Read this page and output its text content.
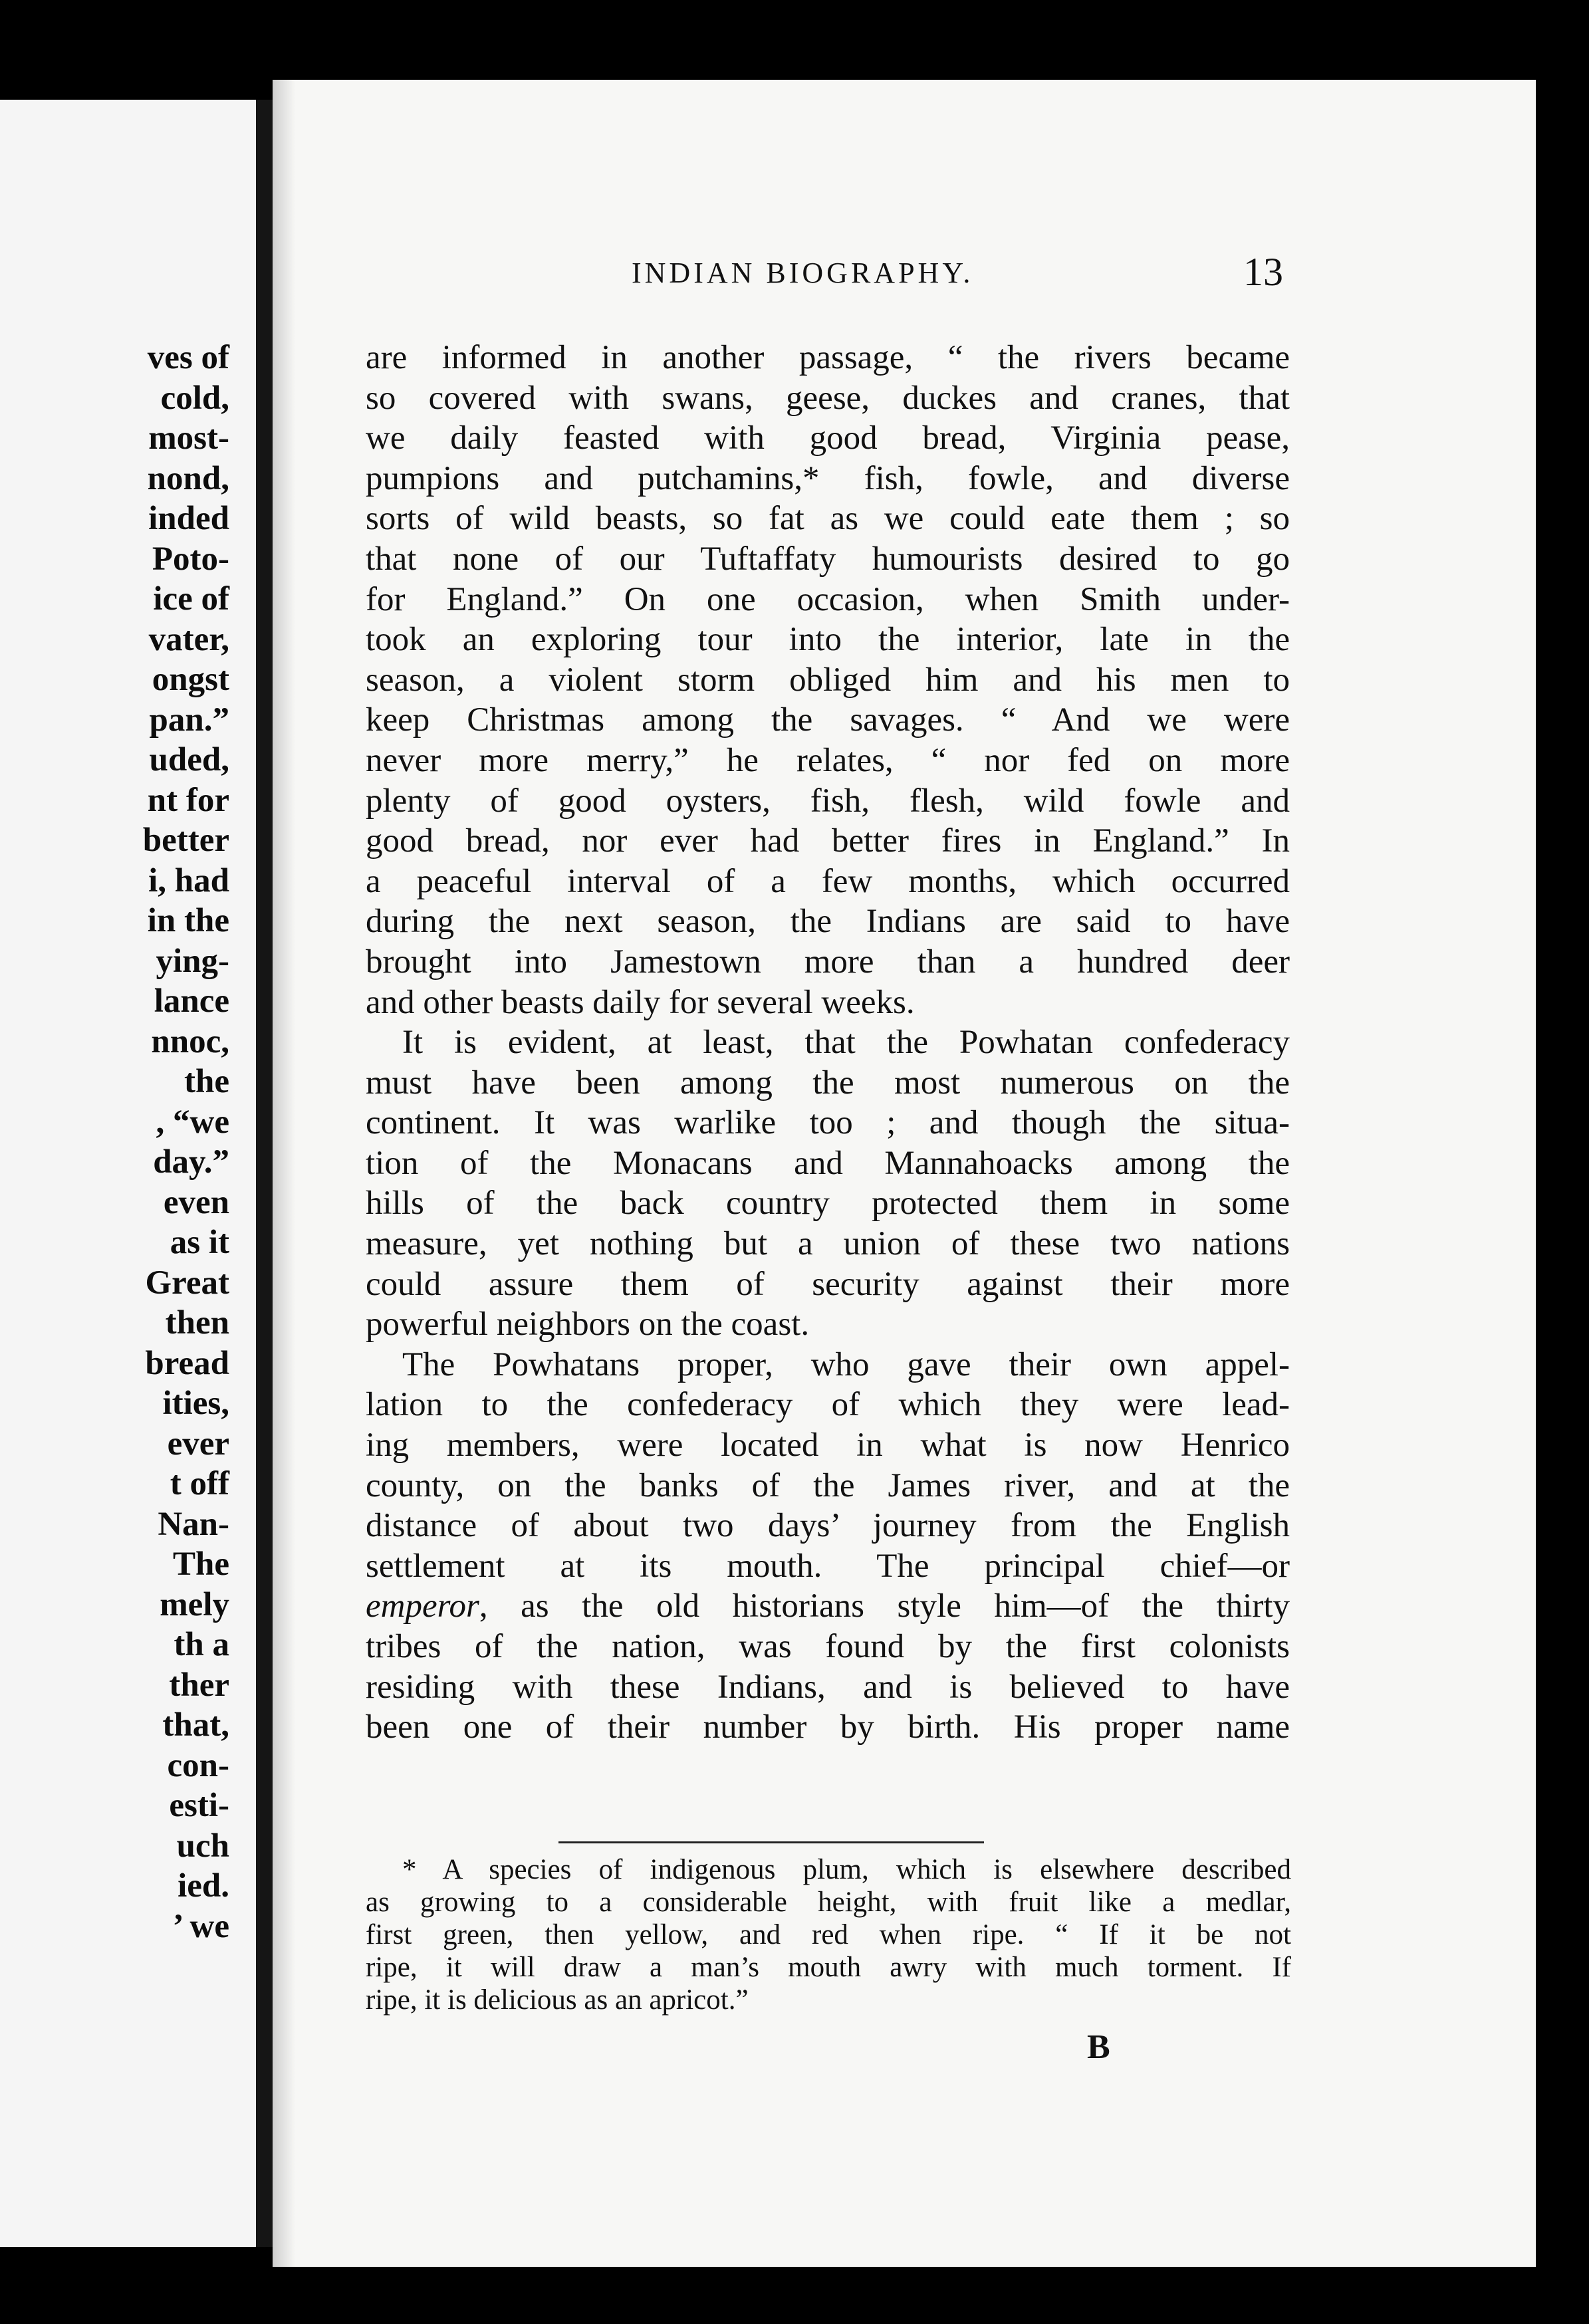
ves of
cold,
most-
nond,
inded
Poto-
ice of
vater,
ongst
pan.”
uded,
nt for
better
i, had
in the
ying-
lance
nnoc,
the
, “we
day.”
even
as it
Great
then
bread
ities,
ever
t off
Nan-
The
mely
th a
ther
that,
con-
esti-
uch
ied.
’ we
INDIAN BIOGRAPHY.	13
are informed in another passage, “ the rivers became
so covered with swans, geese, duckes and cranes, that
we daily feasted with good bread, Virginia pease,
pumpions and putchamins,* fish, fowle, and diverse
sorts of wild beasts, so fat as we could eate them ; so
that none of our Tuftaffaty humourists desired to go
for England.” On one occasion, when Smith under-
took an exploring tour into the interior, late in the
season, a violent storm obliged him and his men to
keep Christmas among the savages. “ And we were
never more merry,” he relates, “ nor fed on more
plenty of good oysters, fish, flesh, wild fowle and
good bread, nor ever had better fires in England.” In
a peaceful interval of a few months, which occurred
during the next season, the Indians are said to have
brought into Jamestown more than a hundred deer
and other beasts daily for several weeks.
It is evident, at least, that the Powhatan confederacy
must have been among the most numerous on the
continent. It was warlike too ; and though the situa-
tion of the Monacans and Mannahoacks among the
hills of the back country protected them in some
measure, yet nothing but a union of these two nations
could assure them of security against their more
powerful neighbors on the coast.
The Powhatans proper, who gave their own appel-
lation to the confederacy of which they were lead-
ing members, were located in what is now Henrico
county, on the banks of the James river, and at the
distance of about two days’ journey from the English
settlement at its mouth. The principal chief—or
emperor, as the old historians style him—of the thirty
tribes of the nation, was found by the first colonists
residing with these Indians, and is believed to have
been one of their number by birth. His proper name
* A species of indigenous plum, which is elsewhere described
as growing to a considerable height, with fruit like a medlar,
first green, then yellow, and red when ripe. “ If it be not
ripe, it will draw a man’s mouth awry with much torment. If
ripe, it is delicious as an apricot.”
B
